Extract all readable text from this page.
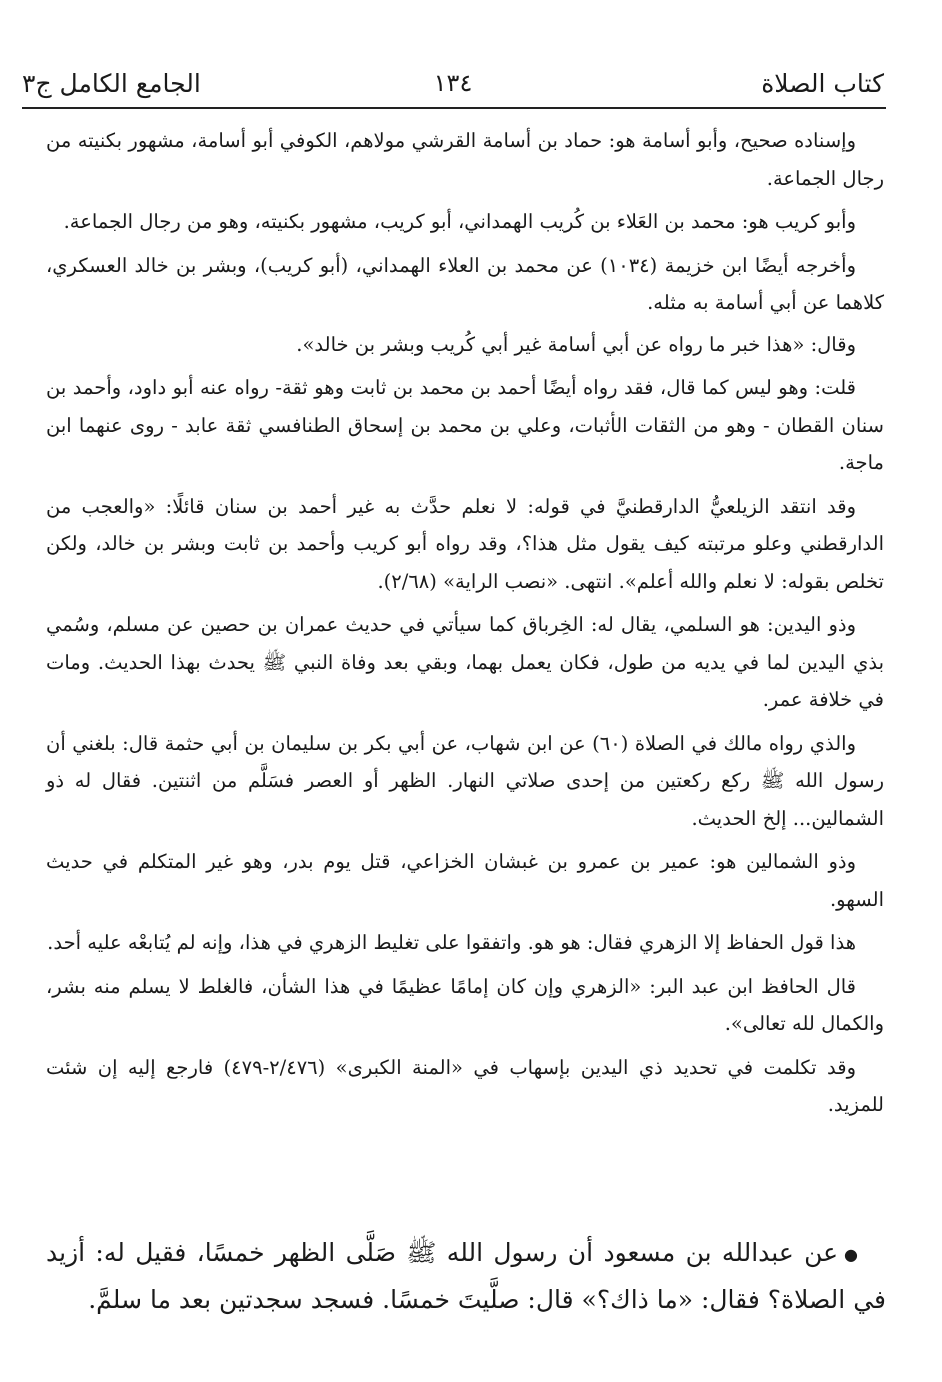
كتاب الصلاة
١٣٤
الجامع الكامل ج٣

وإسناده صحيح، وأبو أسامة هو: حماد بن أسامة القرشي مولاهم، الكوفي أبو أسامة، مشهور بكنيته من رجال الجماعة.

وأبو كريب هو: محمد بن العَلاء بن كُريب الهمداني، أبو كريب، مشهور بكنيته، وهو من رجال الجماعة.

وأخرجه أيضًا ابن خزيمة (١٠٣٤) عن محمد بن العلاء الهمداني، (أبو كريب)، وبشر بن خالد العسكري، كلاهما عن أبي أسامة به مثله.

وقال: «هذا خبر ما رواه عن أبي أسامة غير أبي كُريب وبشر بن خالد».

قلت: وهو ليس كما قال، فقد رواه أيضًا أحمد بن محمد بن ثابت وهو ثقة- رواه عنه أبو داود، وأحمد بن سنان القطان - وهو من الثقات الأثبات، وعلي بن محمد بن إسحاق الطنافسي ثقة عابد - روى عنهما ابن ماجة.

وقد انتقد الزيلعيُّ الدارقطنيَّ في قوله: لا نعلم حدَّث به غير أحمد بن سنان قائلًا: «والعجب من الدارقطني وعلو مرتبته كيف يقول مثل هذا؟، وقد رواه أبو كريب وأحمد بن ثابت وبشر بن خالد، ولكن تخلص بقوله: لا نعلم والله أعلم». انتهى. «نصب الراية» (٢/٦٨).

وذو اليدين: هو السلمي، يقال له: الخِرباق كما سيأتي في حديث عمران بن حصين عن مسلم، وسُمي بذي اليدين لما في يديه من طول، فكان يعمل بهما، وبقي بعد وفاة النبي ﷺ يحدث بهذا الحديث. ومات في خلافة عمر.

والذي رواه مالك في الصلاة (٦٠) عن ابن شهاب، عن أبي بكر بن سليمان بن أبي حثمة قال: بلغني أن رسول الله ﷺ ركع ركعتين من إحدى صلاتي النهار. الظهر أو العصر فسَلَّم من اثنتين. فقال له ذو الشمالين... إلخ الحديث.

وذو الشمالين هو: عمير بن عمرو بن غبشان الخزاعي، قتل يوم بدر، وهو غير المتكلم في حديث السهو.

هذا قول الحفاظ إلا الزهري فقال: هو هو. واتفقوا على تغليط الزهري في هذا، وإنه لم يُتابعْه عليه أحد.

قال الحافظ ابن عبد البر: «الزهري وإن كان إمامًا عظيمًا في هذا الشأن، فالغلط لا يسلم منه بشر، والكمال لله تعالى».

وقد تكلمت في تحديد ذي اليدين بإسهاب في «المنة الكبرى» (٢/٤٧٦-٤٧٩) فارجع إليه إن شئت للمزيد.

●عن عبدالله بن مسعود أن رسول الله ﷺ صَلَّى الظهر خمسًا، فقيل له: أزيد في الصلاة؟ فقال: «ما ذاك؟» قال: صلَّيتَ خمسًا. فسجد سجدتين بعد ما سلمَّ.
